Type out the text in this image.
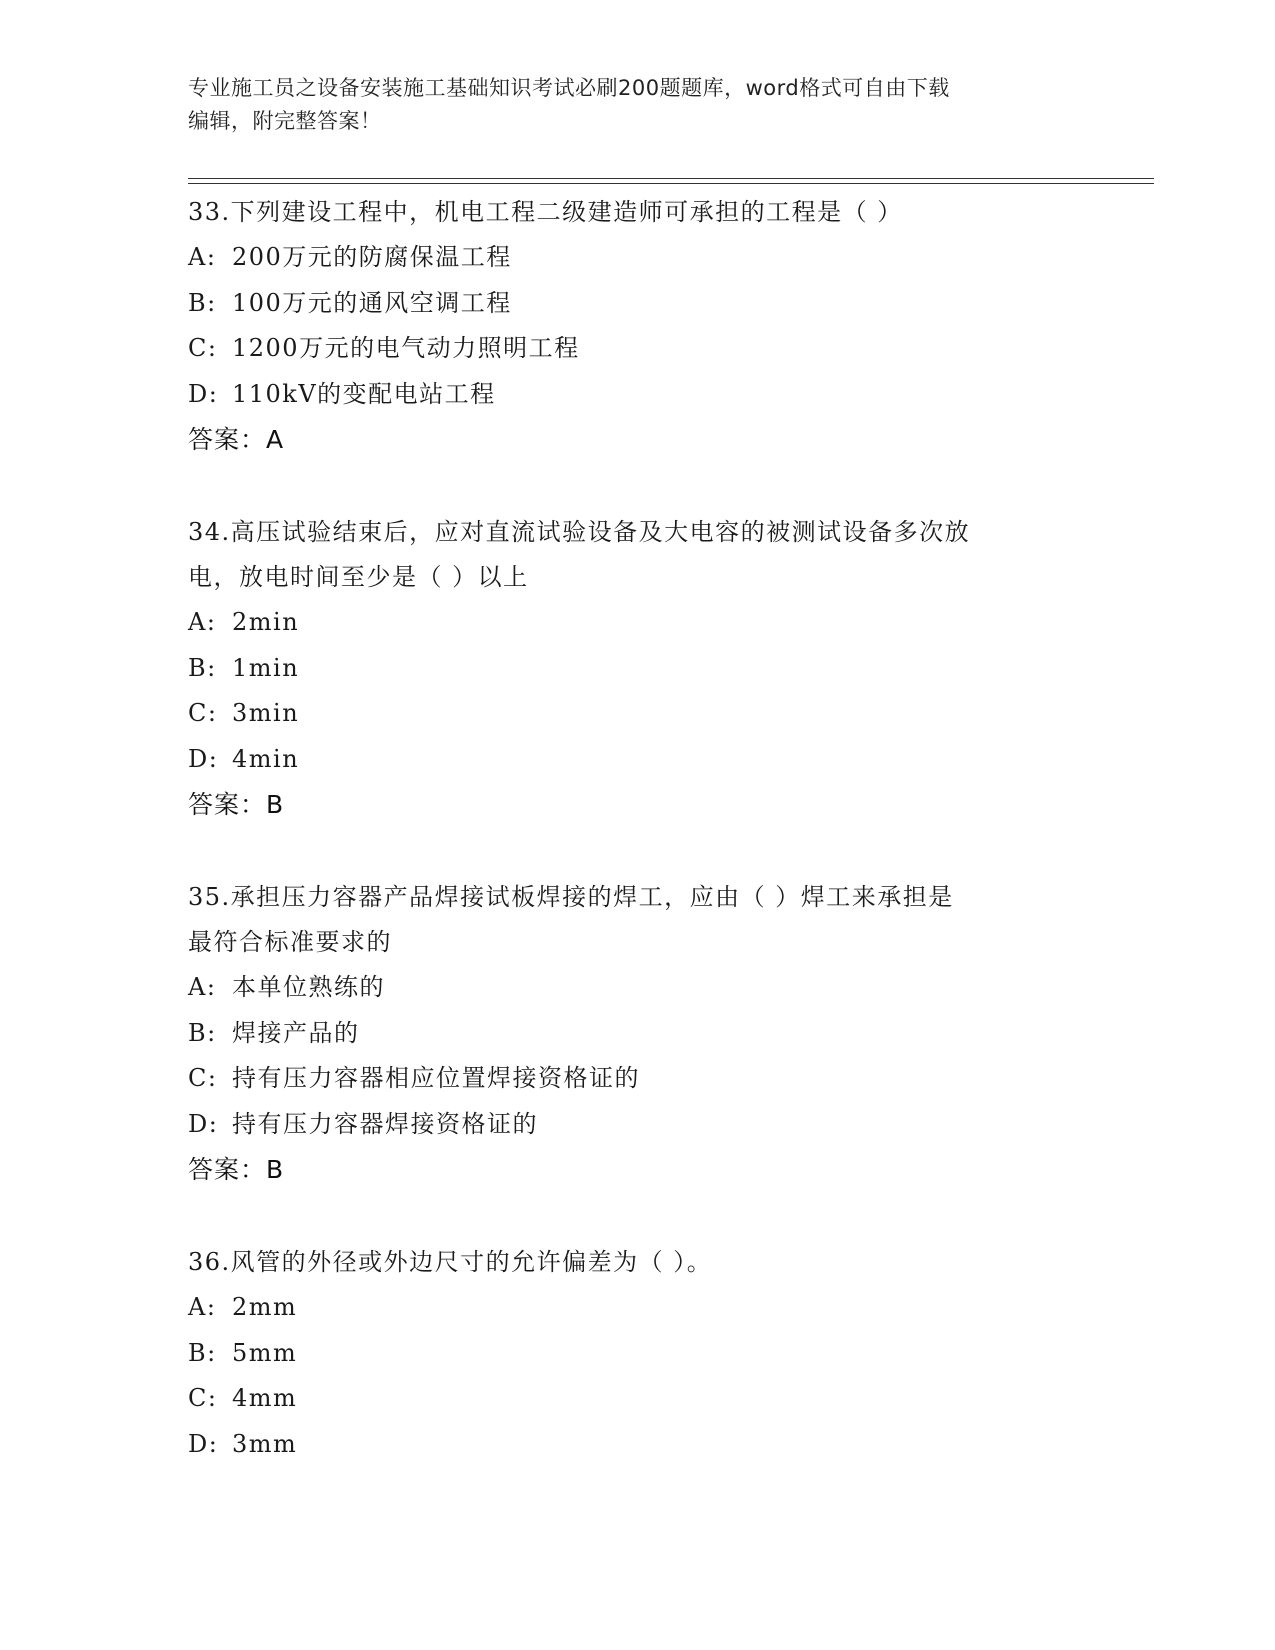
专业施工员之设备安装施工基础知识考试必刷200题题库，word格式可自由下载
编辑，附完整答案！
33.下列建设工程中，机电工程二级建造师可承担的工程是（ ）
A: 200万元的防腐保温工程
B: 100万元的通风空调工程
C: 1200万元的电气动力照明工程
D: 110kV的变配电站工程
答案：A
34.高压试验结束后，应对直流试验设备及大电容的被测试设备多次放
电，放电时间至少是（ ）以上
A: 2min
B: 1min
C: 3min
D: 4min
答案：B
35.承担压力容器产品焊接试板焊接的焊工，应由（ ）焊工来承担是
最符合标准要求的
A: 本单位熟练的
B: 焊接产品的
C: 持有压力容器相应位置焊接资格证的
D: 持有压力容器焊接资格证的
答案：B
36.风管的外径或外边尺寸的允许偏差为（ ）。
A: 2mm
B: 5mm
C: 4mm
D: 3mm
